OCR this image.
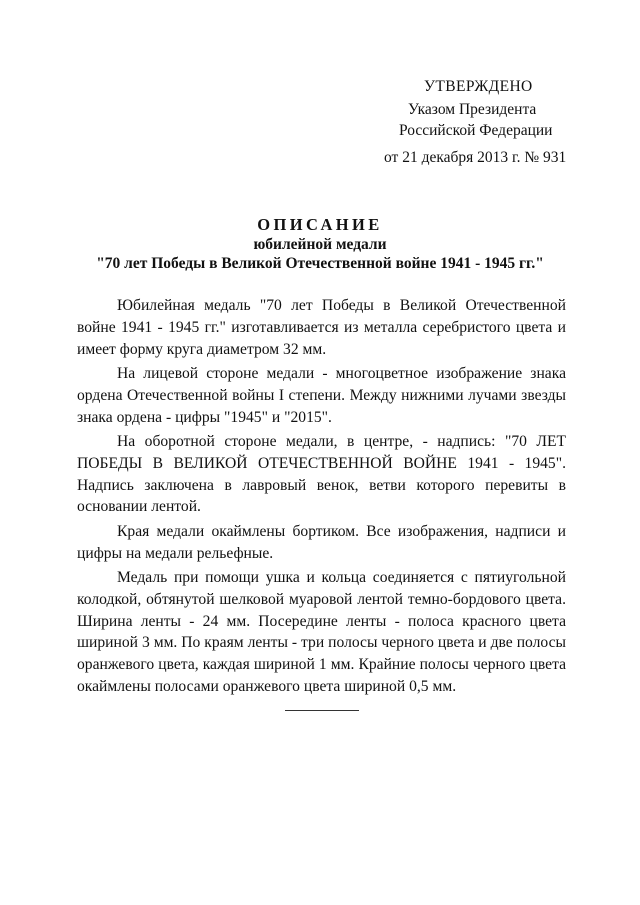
УТВЕРЖДЕНО
Указом Президента
Российской Федерации
от 21 декабря 2013 г. № 931
ОПИСАНИЕ
юбилейной медали
"70 лет Победы в Великой Отечественной войне 1941 - 1945 гг."

Юбилейная медаль "70 лет Победы в Великой Отечественной войне 1941 - 1945 гг." изготавливается из металла серебристого цвета и имеет форму круга диаметром 32 мм.

На лицевой стороне медали - многоцветное изображение знака ордена Отечественной войны I степени. Между нижними лучами звезды знака ордена - цифры "1945" и "2015".

На оборотной стороне медали, в центре, - надпись: "70 ЛЕТ ПОБЕДЫ В ВЕЛИКОЙ ОТЕЧЕСТВЕННОЙ ВОЙНЕ 1941 - 1945". Надпись заключена в лавровый венок, ветви которого перевиты в основании лентой.

Края медали окаймлены бортиком. Все изображения, надписи и цифры на медали рельефные.

Медаль при помощи ушка и кольца соединяется с пятиугольной колодкой, обтянутой шелковой муаровой лентой темно-бордового цвета. Ширина ленты - 24 мм. Посередине ленты - полоса красного цвета шириной 3 мм. По краям ленты - три полосы черного цвета и две полосы оранжевого цвета, каждая шириной 1 мм. Крайние полосы черного цвета окаймлены полосами оранжевого цвета шириной 0,5 мм.
